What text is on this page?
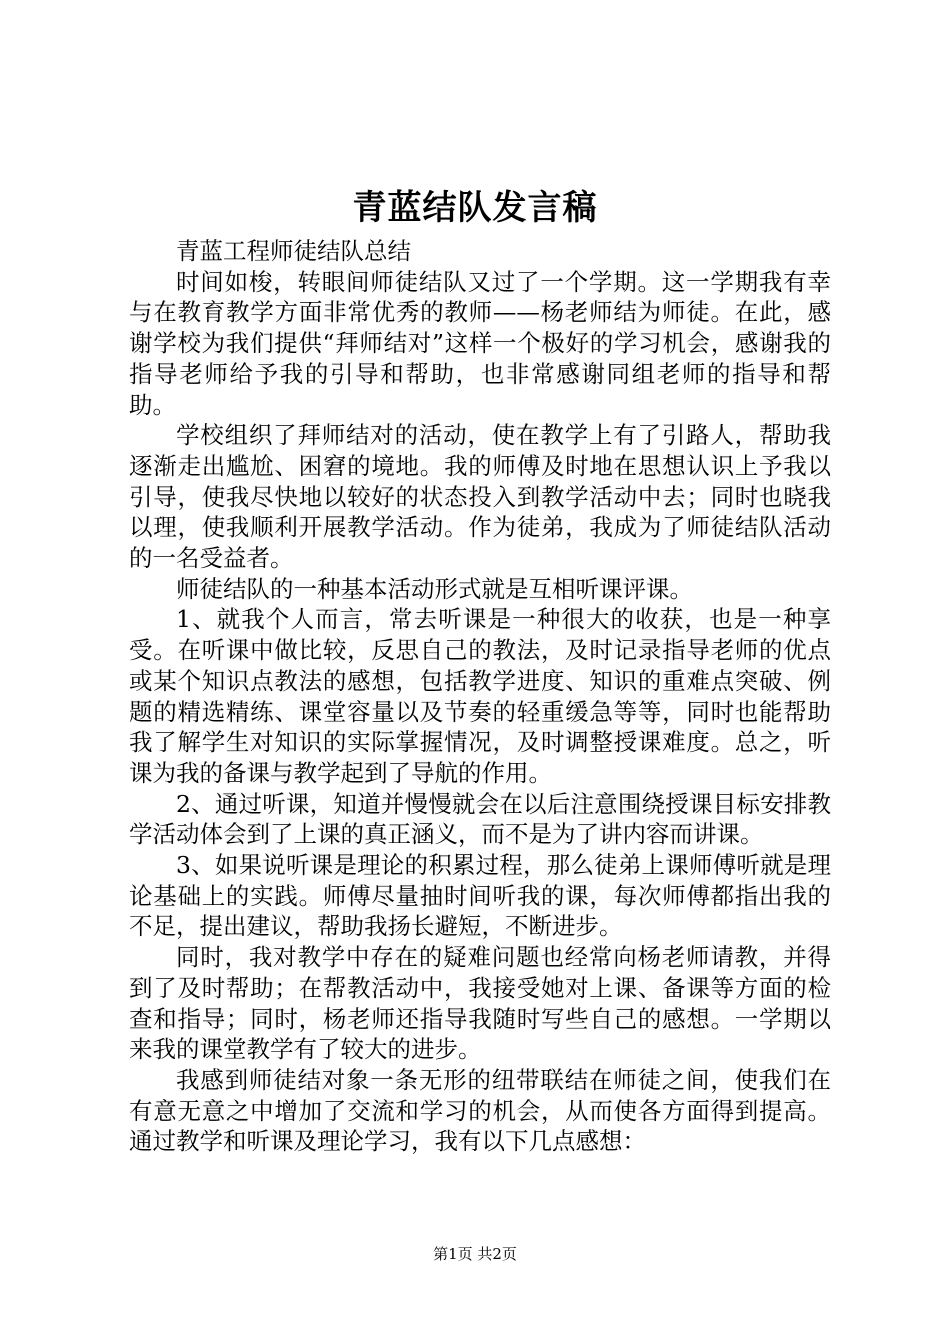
青蓝结队发言稿

青蓝工程师徒结队总结

时间如梭，转眼间师徒结队又过了一个学期。这一学期我有幸与在教育教学方面非常优秀的教师——杨老师结为师徒。在此，感谢学校为我们提供“拜师结对”这样一个极好的学习机会，感谢我的指导老师给予我的引导和帮助，也非常感谢同组老师的指导和帮助。

学校组织了拜师结对的活动，使在教学上有了引路人，帮助我逐渐走出尴尬、困窘的境地。我的师傅及时地在思想认识上予我以引导，使我尽快地以较好的状态投入到教学活动中去；同时也晓我以理，使我顺利开展教学活动。作为徒弟，我成为了师徒结队活动的一名受益者。

师徒结队的一种基本活动形式就是互相听课评课。

1、就我个人而言，常去听课是一种很大的收获，也是一种享受。在听课中做比较，反思自己的教法，及时记录指导老师的优点或某个知识点教法的感想，包括教学进度、知识的重难点突破、例题的精选精练、课堂容量以及节奏的轻重缓急等等，同时也能帮助我了解学生对知识的实际掌握情况，及时调整授课难度。总之，听课为我的备课与教学起到了导航的作用。

2、通过听课，知道并慢慢就会在以后注意围绕授课目标安排教学活动体会到了上课的真正涵义，而不是为了讲内容而讲课。

3、如果说听课是理论的积累过程，那么徒弟上课师傅听就是理论基础上的实践。师傅尽量抽时间听我的课，每次师傅都指出我的不足，提出建议，帮助我扬长避短，不断进步。

同时，我对教学中存在的疑难问题也经常向杨老师请教，并得到了及时帮助；在帮教活动中，我接受她对上课、备课等方面的检查和指导；同时，杨老师还指导我随时写些自己的感想。一学期以来我的课堂教学有了较大的进步。

我感到师徒结对象一条无形的纽带联结在师徒之间，使我们在有意无意之中增加了交流和学习的机会，从而使各方面得到提高。通过教学和听课及理论学习，我有以下几点感想：

第1页 共2页
